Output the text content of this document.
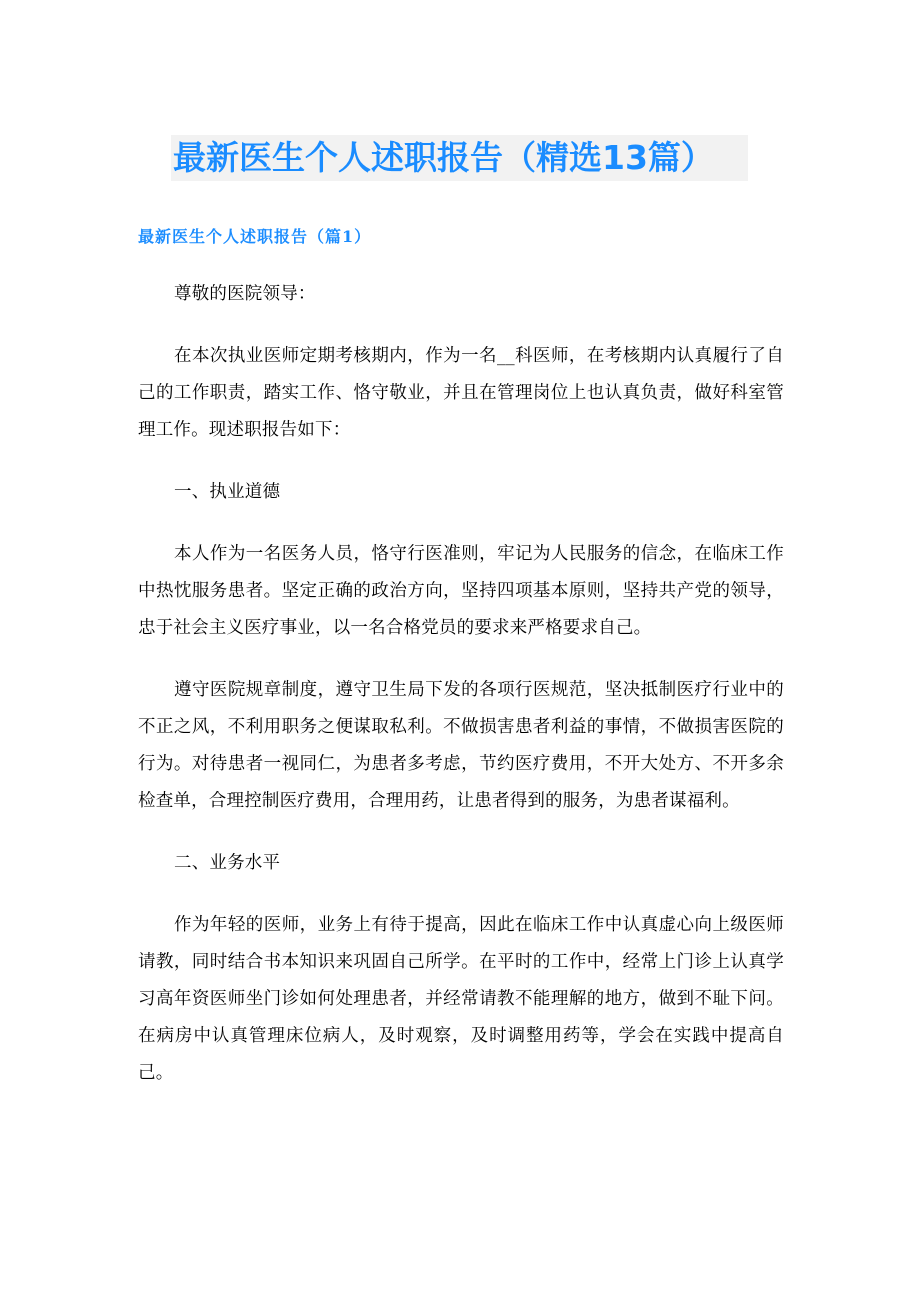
最新医生个人述职报告（精选13篇）
最新医生个人述职报告（篇1）

尊敬的医院领导：

在本次执业医师定期考核期内，作为一名__科医师，在考核期内认真履行了自己的工作职责，踏实工作、恪守敬业，并且在管理岗位上也认真负责，做好科室管理工作。现述职报告如下：

一、执业道德

本人作为一名医务人员，恪守行医准则，牢记为人民服务的信念，在临床工作中热忱服务患者。坚定正确的政治方向，坚持四项基本原则，坚持共产党的领导，忠于社会主义医疗事业，以一名合格党员的要求来严格要求自己。

遵守医院规章制度，遵守卫生局下发的各项行医规范，坚决抵制医疗行业中的不正之风，不利用职务之便谋取私利。不做损害患者利益的事情，不做损害医院的行为。对待患者一视同仁，为患者多考虑，节约医疗费用，不开大处方、不开多余检查单，合理控制医疗费用，合理用药，让患者得到的服务，为患者谋福利。

二、业务水平

作为年轻的医师，业务上有待于提高，因此在临床工作中认真虚心向上级医师请教，同时结合书本知识来巩固自己所学。在平时的工作中，经常上门诊上认真学习高年资医师坐门诊如何处理患者，并经常请教不能理解的地方，做到不耻下问。在病房中认真管理床位病人，及时观察，及时调整用药等，学会在实践中提高自己。
